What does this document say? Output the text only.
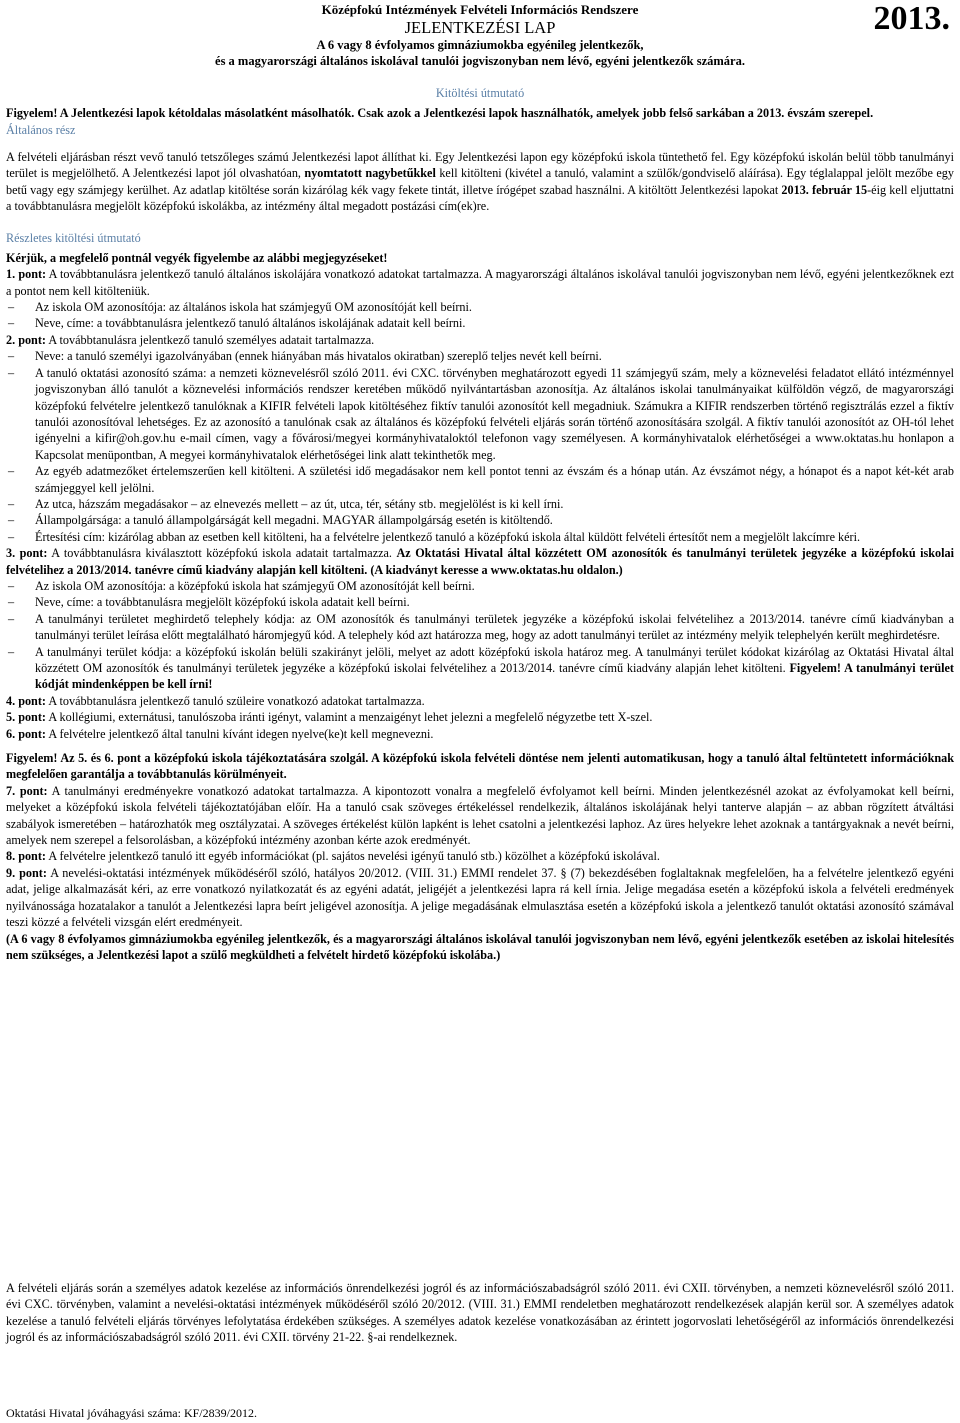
2013.
Középfokú Intézmények Felvételi Információs Rendszere
JELENTKEZÉSI LAP
A 6 vagy 8 évfolyamos gimnáziumokba egyénileg jelentkezők,
és a magyarországi általános iskolával tanulói jogviszonyban nem lévő, egyéni jelentkezők számára.
Kitöltési útmutató

Figyelem! A Jelentkezési lapok kétoldalas másolatként másolhatók. Csak azok a Jelentkezési lapok használhatók, amelyek jobb felső sarkában a 2013. évszám szerepel.

Általános rész

A felvételi eljárásban részt vevő tanuló tetszőleges számú Jelentkezési lapot állíthat ki. Egy Jelentkezési lapon egy középfokú iskola tüntethető fel. Egy középfokú iskolán belül több tanulmányi terület is megjelölhető. A Jelentkezési lapot jól olvashatóan, nyomtatott nagybetűkkel kell kitölteni (kivétel a tanuló, valamint a szülők/gondviselő aláírása). Egy téglalappal jelölt mezőbe egy betű vagy egy számjegy kerülhet. Az adatlap kitöltése során kizárólag kék vagy fekete tintát, illetve írógépet szabad használni. A kitöltött Jelentkezési lapokat 2013. február 15-éig kell eljuttatni a továbbtanulásra megjelölt középfokú iskolákba, az intézmény által megadott postázási cím(ek)re.

Részletes kitöltési útmutató

Kérjük, a megfelelő pontnál vegyék figyelembe az alábbi megjegyzéseket!

1. pont: A továbbtanulásra jelentkező tanuló általános iskolájára vonatkozó adatokat tartalmazza. A magyarországi általános iskolával tanulói jogviszonyban nem lévő, egyéni jelentkezőknek ezt a pontot nem kell kitölteniük.

– Az iskola OM azonosítója: az általános iskola hat számjegyű OM azonosítóját kell beírni.
– Neve, címe: a továbbtanulásra jelentkező tanuló általános iskolájának adatait kell beírni.

2. pont: A továbbtanulásra jelentkező tanuló személyes adatait tartalmazza.

– Neve: a tanuló személyi igazolványában (ennek hiányában más hivatalos okiratban) szereplő teljes nevét kell beírni.
– A tanuló oktatási azonosító száma: a nemzeti köznevelésről szóló 2011. évi CXC. törvényben meghatározott egyedi 11 számjegyű szám, mely a köznevelési feladatot ellátó intézménnyel jogviszonyban álló tanulót a köznevelési információs rendszer keretében működő nyilvántartásban azonosítja. Az általános iskolai tanulmányaikat külföldön végző, de magyarországi középfokú felvételre jelentkező tanulóknak a KIFIR felvételi lapok kitöltéséhez fiktív tanulói azonosítót kell megadniuk. Számukra a KIFIR rendszerben történő regisztrálás ezzel a fiktív tanulói azonosítóval lehetséges. Ez az azonosító a tanulónak csak az általános és középfokú felvételi eljárás során történő azonosítására szolgál. A fiktív tanulói azonosítót az OH-tól lehet igényelni a kifir@oh.gov.hu e-mail címen, vagy a fővárosi/megyei kormányhivataloktól telefonon vagy személyesen. A kormányhivatalok elérhetőségei a www.oktatas.hu honlapon a Kapcsolat menüpontban, A megyei kormányhivatalok elérhetőségei link alatt tekinthetők meg.
– Az egyéb adatmezőket értelemszerűen kell kitölteni. A születési idő megadásakor nem kell pontot tenni az évszám és a hónap után. Az évszámot négy, a hónapot és a napot két-két arab számjeggyel kell jelölni.
– Az utca, házszám megadásakor – az elnevezés mellett – az út, utca, tér, sétány stb. megjelölést is ki kell írni.
– Állampolgársága: a tanuló állampolgárságát kell megadni. MAGYAR állampolgárság esetén is kitöltendő.
– Értesítési cím: kizárólag abban az esetben kell kitölteni, ha a felvételre jelentkező tanuló a középfokú iskola által küldött felvételi értesítőt nem a megjelölt lakcímre kéri.

3. pont: A továbbtanulásra kiválasztott középfokú iskola adatait tartalmazza. Az Oktatási Hivatal által közzétett OM azonosítók és tanulmányi területek jegyzéke a középfokú iskolai felvételihez a 2013/2014. tanévre című kiadvány alapján kell kitölteni. (A kiadványt keresse a www.oktatas.hu oldalon.)

– Az iskola OM azonosítója: a középfokú iskola hat számjegyű OM azonosítóját kell beírni.
– Neve, címe: a továbbtanulásra megjelölt középfokú iskola adatait kell beírni.
– A tanulmányi területet meghirdető telephely kódja: az OM azonosítók és tanulmányi területek jegyzéke a középfokú iskolai felvételihez a 2013/2014. tanévre című kiadványban a tanulmányi terület leírása előtt megtalálható háromjegyű kód. A telephely kód azt határozza meg, hogy az adott tanulmányi terület az intézmény melyik telephelyén került meghirdetésre.
– A tanulmányi terület kódja: a középfokú iskolán belüli szakirányt jelöli, melyet az adott középfokú iskola határoz meg. A tanulmányi terület kódokat kizárólag az Oktatási Hivatal által közzétett OM azonosítók és tanulmányi területek jegyzéke a középfokú iskolai felvételihez a 2013/2014. tanévre című kiadvány alapján lehet kitölteni. Figyelem! A tanulmányi terület kódját mindenképpen be kell írni!

4. pont: A továbbtanulásra jelentkező tanuló szüleire vonatkozó adatokat tartalmazza.

5. pont: A kollégiumi, externátusi, tanulószoba iránti igényt, valamint a menzaigényt lehet jelezni a megfelelő négyzetbe tett X-szel.

6. pont: A felvételre jelentkező által tanulni kívánt idegen nyelve(ke)t kell megnevezni.

Figyelem! Az 5. és 6. pont a középfokú iskola tájékoztatására szolgál. A középfokú iskola felvételi döntése nem jelenti automatikusan, hogy a tanuló által feltüntetett információknak megfelelően garantálja a továbbtanulás körülményeit.

7. pont: A tanulmányi eredményekre vonatkozó adatokat tartalmazza. A kipontozott vonalra a megfelelő évfolyamot kell beírni. Minden jelentkezésnél azokat az évfolyamokat kell beírni, melyeket a középfokú iskola felvételi tájékoztatójában előír. Ha a tanuló csak szöveges értékeléssel rendelkezik, általános iskolájának helyi tanterve alapján – az abban rögzített átváltási szabályok ismeretében – határozhatók meg osztályzatai. A szöveges értékelést külön lapként is lehet csatolni a jelentkezési laphoz. Az üres helyekre lehet azoknak a tantárgyaknak a nevét beírni, amelyek nem szerepel a felsorolásban, a középfokú intézmény azonban kérte azok eredményét.

8. pont: A felvételre jelentkező tanuló itt egyéb információkat (pl. sajátos nevelési igényű tanuló stb.) közölhet a középfokú iskolával.

9. pont: A nevelési-oktatási intézmények működéséről szóló, hatályos 20/2012. (VIII. 31.) EMMI rendelet 37. § (7) bekezdésében foglaltaknak megfelelően, ha a felvételre jelentkező egyéni adat, jelige alkalmazását kéri, az erre vonatkozó nyilatkozatát és az egyéni adatát, jeligéjét a jelentkezési lapra rá kell írnia. Jelige megadása esetén a középfokú iskola a felvételi eredmények nyilvánossága hozatalakor a tanulót a Jelentkezési lapra beírt jeligével azonosítja. A jelige megadásának elmulasztása esetén a középfokú iskola a jelentkező tanulót oktatási azonosító számával teszi közzé a felvételi vizsgán elért eredményeit.

(A 6 vagy 8 évfolyamos gimnáziumokba egyénileg jelentkezők, és a magyarországi általános iskolával tanulói jogviszonyban nem lévő, egyéni jelentkezők esetében az iskolai hitelesítés nem szükséges, a Jelentkezési lapot a szülő megküldheti a felvételt hirdető középfokú iskolába.)

A felvételi eljárás során a személyes adatok kezelése az információs önrendelkezési jogról és az információszabadságról szóló 2011. évi CXII. törvényben, a nemzeti köznevelésről szóló 2011. évi CXC. törvényben, valamint a nevelési-oktatási intézmények működéséről szóló 20/2012. (VIII. 31.) EMMI rendeletben meghatározott rendelkezések alapján kerül sor. A személyes adatok kezelése a tanuló felvételi eljárás törvényes lefolytatása érdekében szükséges. A személyes adatok kezelése vonatkozásában az érintett jogorvoslati lehetőségéről az információs önrendelkezési jogról és az információszabadságról szóló 2011. évi CXII. törvény 21-22. §-ai rendelkeznek.

Oktatási Hivatal jóváhagyási száma: KF/2839/2012.
